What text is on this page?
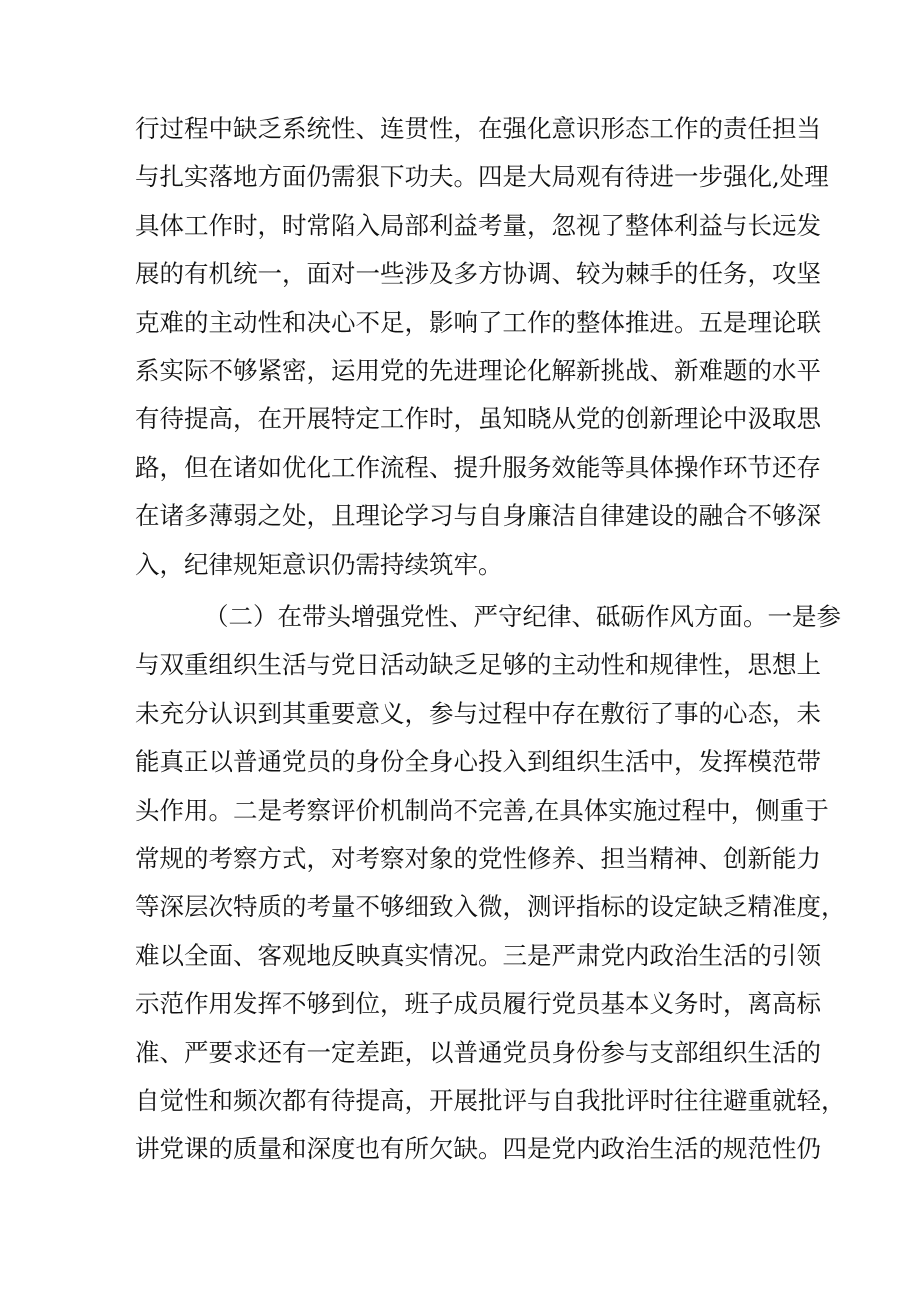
行过程中缺乏系统性、连贯性，在强化意识形态工作的责任担当
与扎实落地方面仍需狠下功夫。四是大局观有待进一步强化,处理
具体工作时，时常陷入局部利益考量，忽视了整体利益与长远发
展的有机统一，面对一些涉及多方协调、较为棘手的任务，攻坚
克难的主动性和决心不足，影响了工作的整体推进。五是理论联
系实际不够紧密，运用党的先进理论化解新挑战、新难题的水平
有待提高，在开展特定工作时，虽知晓从党的创新理论中汲取思
路，但在诸如优化工作流程、提升服务效能等具体操作环节还存
在诸多薄弱之处，且理论学习与自身廉洁自律建设的融合不够深
入，纪律规矩意识仍需持续筑牢。
（二）在带头增强党性、严守纪律、砥砺作风方面。一是参
与双重组织生活与党日活动缺乏足够的主动性和规律性，思想上
未充分认识到其重要意义，参与过程中存在敷衍了事的心态，未
能真正以普通党员的身份全身心投入到组织生活中，发挥模范带
头作用。二是考察评价机制尚不完善,在具体实施过程中，侧重于
常规的考察方式，对考察对象的党性修养、担当精神、创新能力
等深层次特质的考量不够细致入微，测评指标的设定缺乏精准度，
难以全面、客观地反映真实情况。三是严肃党内政治生活的引领
示范作用发挥不够到位，班子成员履行党员基本义务时，离高标
准、严要求还有一定差距，以普通党员身份参与支部组织生活的
自觉性和频次都有待提高，开展批评与自我批评时往往避重就轻，
讲党课的质量和深度也有所欠缺。四是党内政治生活的规范性仍
